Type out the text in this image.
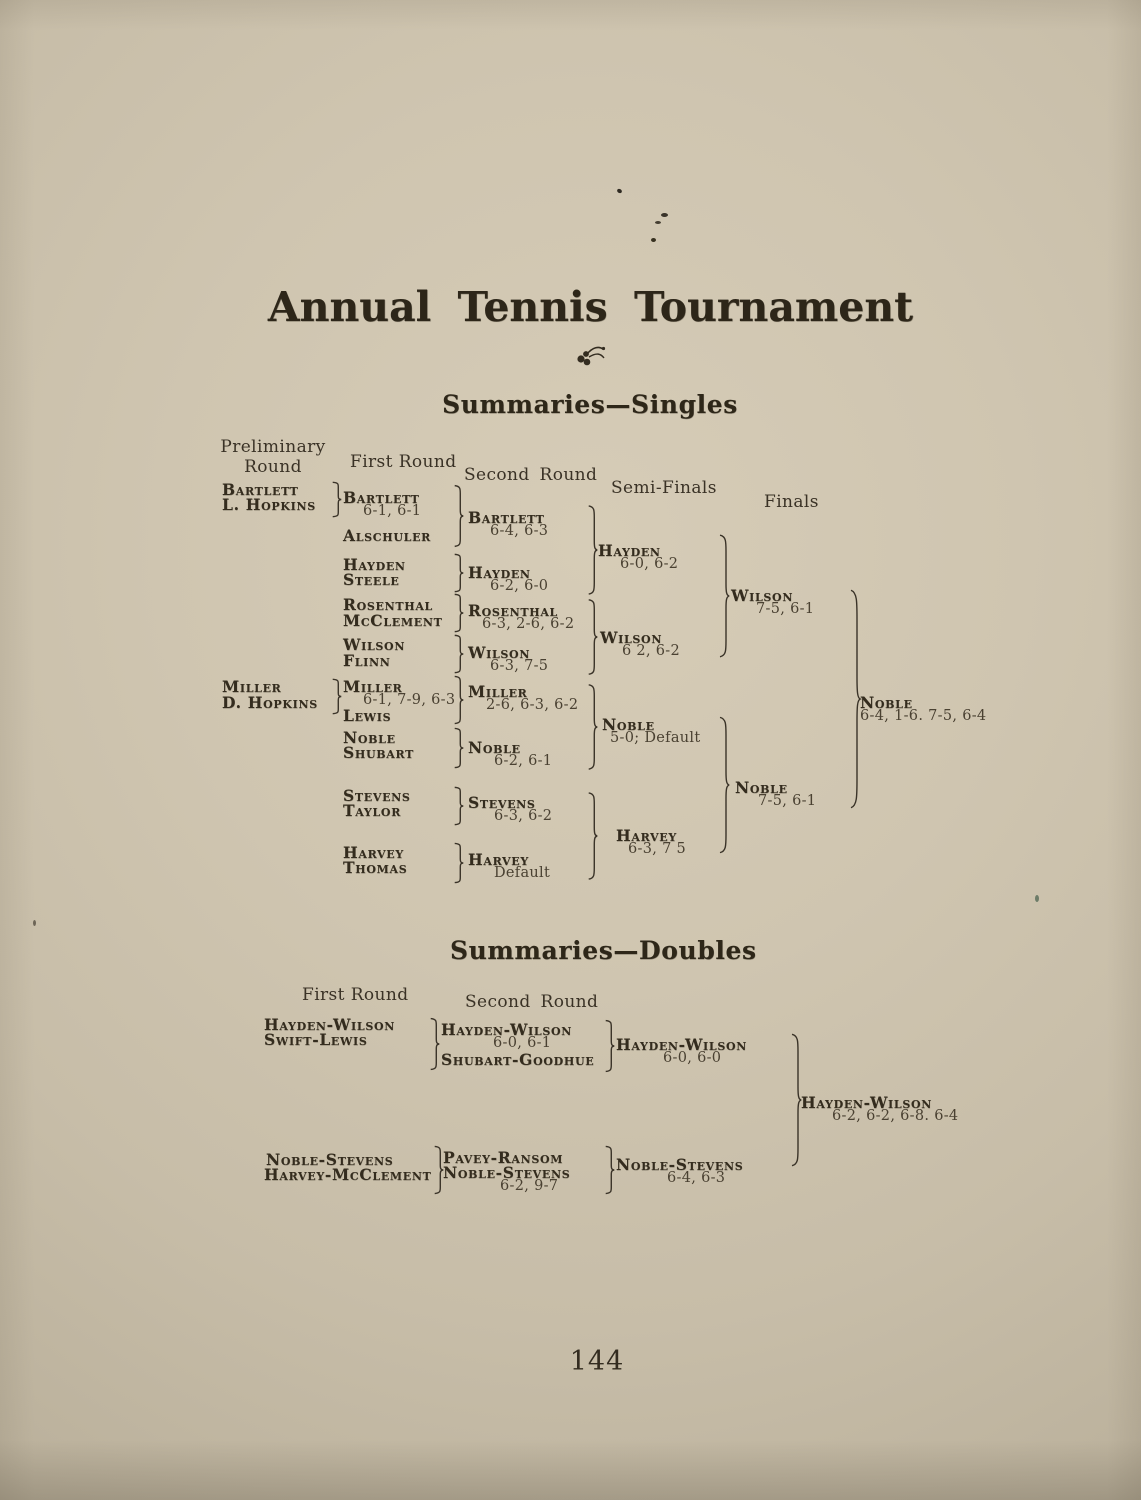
Annual Tennis Tournament
Summaries—Singles
Preliminary Round	First Round
Second Round
Semi-Finals
Finals
Bartlett
L. Hopkins
Miller
D. Hopkins
Bartlett
6-1, 6-1
Alschuler
Hayden
Steele
Rosenthal
McClement
Wilson
Flinn
Miller
6-1, 7-9, 6-3
Lewis
Noble
Shubart
Stevens
Taylor
Harvey
Thomas
Bartlett
6-4, 6-3
Hayden
6-2, 6-0
Rosenthal
6-3, 2-6, 6-2
Wilson
6-3, 7-5
Miller
2-6, 6-3, 6-2
Noble
6-2, 6-1
Stevens
6-3, 6-2
Harvey
Default
Hayden
6-0, 6-2
Wilson
6 2, 6-2
Noble
5-0; Default
Harvey
6-3, 7 5
Wilson
7-5, 6-1
Noble
7-5, 6-1
Noble
6-4, 1-6. 7-5, 6-4
Summaries—Doubles
First Round	Second Round
Hayden-Wilson
Swift-Lewis
Hayden-Wilson
6-0, 6-1
Shubart-Goodhue
Hayden-Wilson
6-0, 6-0
Hayden-Wilson
6-2, 6-2, 6-8. 6-4
Noble-Stevens
Harvey-McClement
Pavey-Ransom
Noble-Stevens
6-2, 9-7
Noble-Stevens
6-4, 6-3
144
